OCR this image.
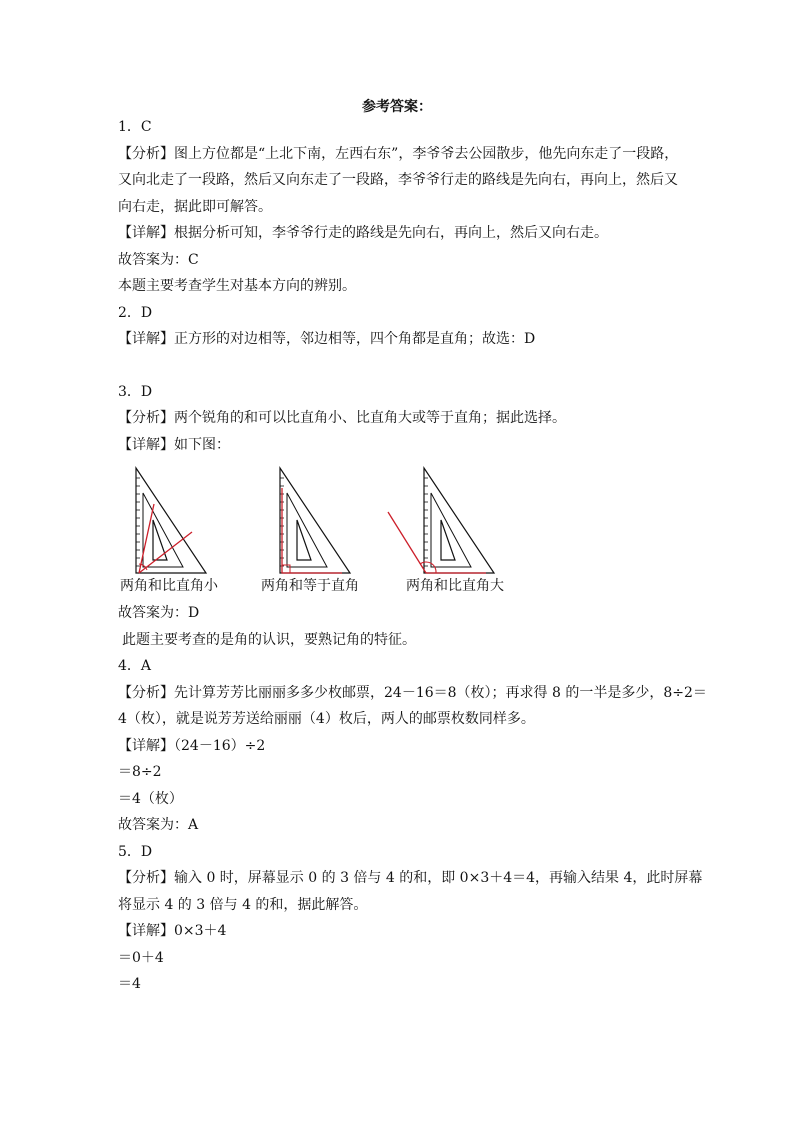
参考答案：
1．C
【分析】图上方位都是“上北下南，左西右东”，李爷爷去公园散步，他先向东走了一段路，
又向北走了一段路，然后又向东走了一段路，李爷爷行走的路线是先向右，再向上，然后又
向右走，据此即可解答。
【详解】根据分析可知，李爷爷行走的路线是先向右，再向上，然后又向右走。
故答案为：C
本题主要考查学生对基本方向的辨别。
2．D
【详解】正方形的对边相等，邻边相等，四个角都是直角；故选：D
3．D
【分析】两个锐角的和可以比直角小、比直角大或等于直角；据此选择。
【详解】如下图：
两角和比直角小	两角和等于直角	两角和比直角大
故答案为：D
此题主要考查的是角的认识，要熟记角的特征。
4．A
【分析】先计算芳芳比丽丽多多少枚邮票，24－16＝8（枚）；再求得 8 的一半是多少，8÷2＝
4（枚），就是说芳芳送给丽丽（4）枚后，两人的邮票枚数同样多。
【详解】（24－16）÷2
＝8÷2
＝4（枚）
故答案为：A
5．D
【分析】输入 0 时，屏幕显示 0 的 3 倍与 4 的和，即 0×3＋4＝4，再输入结果 4，此时屏幕
将显示 4 的 3 倍与 4 的和，据此解答。
【详解】0×3＋4
＝0＋4
＝4
